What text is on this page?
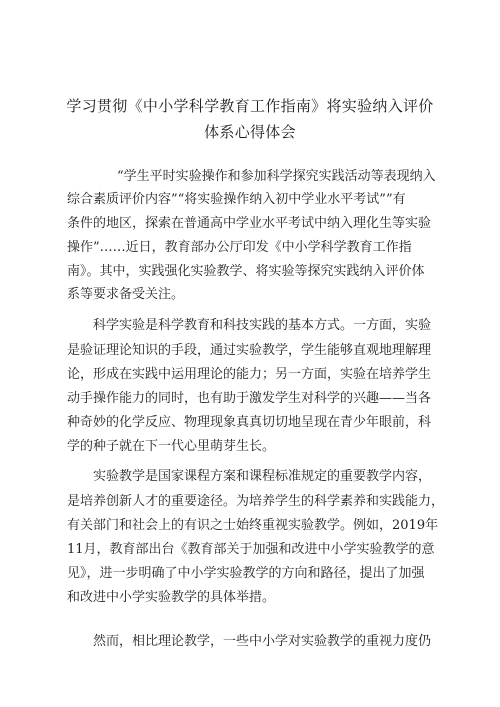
学习贯彻《中小学科学教育工作指南》将实验纳入评价
体系心得体会
“学生平时实验操作和参加科学探究实践活动等表现纳入
综合素质评价内容”“将实验操作纳入初中学业水平考试””有
条件的地区，探索在普通高中学业水平考试中纳入理化生等实验
操作”……近日，教育部办公厅印发《中小学科学教育工作指
南》。其中，实践强化实验教学、将实验等探究实践纳入评价体
系等要求备受关注。
科学实验是科学教育和科技实践的基本方式。一方面，实验
是验证理论知识的手段，通过实验教学，学生能够直观地理解理
论，形成在实践中运用理论的能力；另一方面，实验在培养学生
动手操作能力的同时，也有助于激发学生对科学的兴趣——当各
种奇妙的化学反应、物理现象真真切切地呈现在青少年眼前，科
学的种子就在下一代心里萌芽生长。
实验教学是国家课程方案和课程标准规定的重要教学内容，
是培养创新人才的重要途径。为培养学生的科学素养和实践能力，
有关部门和社会上的有识之士始终重视实验教学。例如，2019年
11月，教育部出台《教育部关于加强和改进中小学实验教学的意
见》，进一步明确了中小学实验教学的方向和路径，提出了加强
和改进中小学实验教学的具体举措。
然而，相比理论教学，一些中小学对实验教学的重视力度仍
